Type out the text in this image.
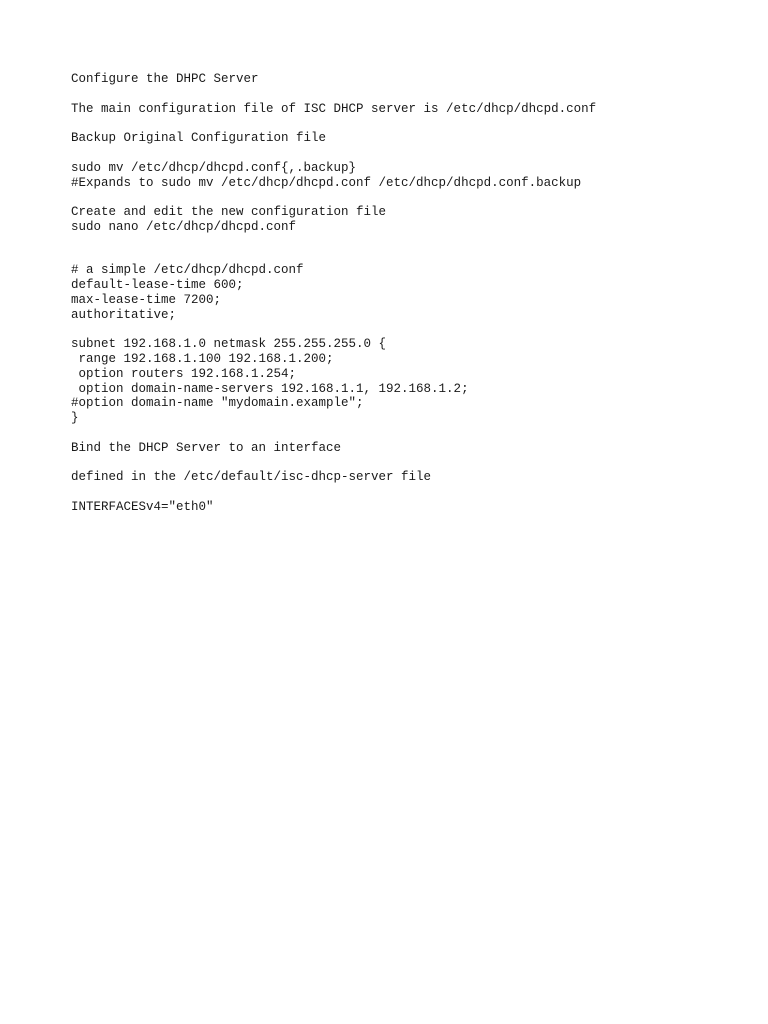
Configure the DHPC Server
The main configuration file of ISC DHCP server is /etc/dhcp/dhcpd.conf
Backup Original Configuration file
sudo mv /etc/dhcp/dhcpd.conf{,.backup}
#Expands to sudo mv /etc/dhcp/dhcpd.conf /etc/dhcp/dhcpd.conf.backup
Create and edit the new configuration file
sudo nano /etc/dhcp/dhcpd.conf
# a simple /etc/dhcp/dhcpd.conf
default-lease-time 600;
max-lease-time 7200;
authoritative;
subnet 192.168.1.0 netmask 255.255.255.0 {
range 192.168.1.100 192.168.1.200;
option routers 192.168.1.254;
option domain-name-servers 192.168.1.1, 192.168.1.2;
#option domain-name "mydomain.example";
}
Bind the DHCP Server to an interface
defined in the /etc/default/isc-dhcp-server file
INTERFACESv4="eth0"
